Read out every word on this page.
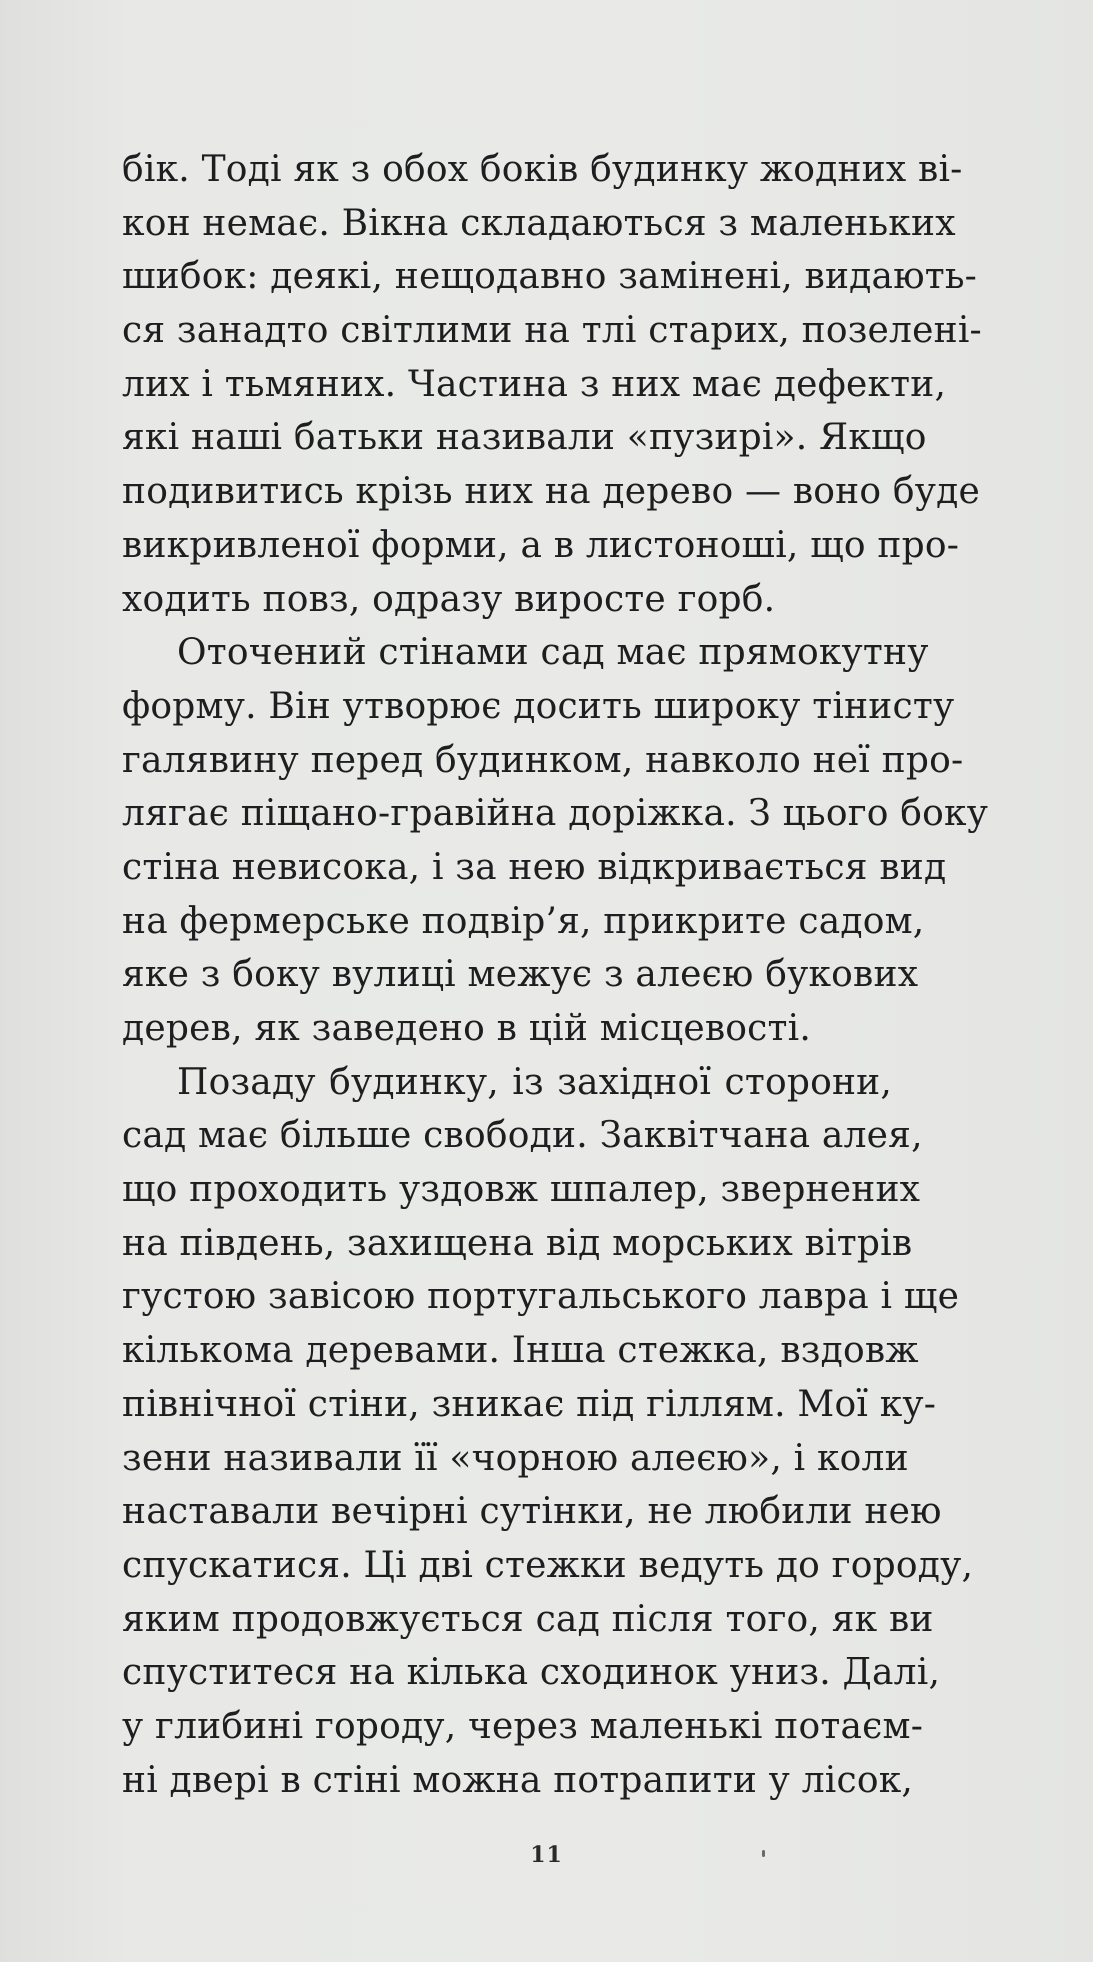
бік. Тоді як з обох боків будинку жодних ві-
кон немає. Вікна складаються з маленьких
шибок: деякі, нещодавно замінені, видають-
ся занадто світлими на тлі старих, позелені-
лих і тьмяних. Частина з них має дефекти,
які наші батьки називали «пузирі». Якщо
подивитись крізь них на дерево — воно буде
викривленої форми, а в листоноші, що про-
ходить повз, одразу виросте горб.
Оточений стінами сад має прямокутну
форму. Він утворює досить широку тінисту
галявину перед будинком, навколо неї про-
лягає піщано-гравійна доріжка. З цього боку
стіна невисока, і за нею відкривається вид
на фермерське подвір’я, прикрите садом,
яке з боку вулиці межує з алеєю букових
дерев, як заведено в цій місцевості.
Позаду будинку, із західної сторони,
сад має більше свободи. Заквітчана алея,
що проходить уздовж шпалер, звернених
на південь, захищена від морських вітрів
густою завісою португальського лавра і ще
кількома деревами. Інша стежка, вздовж
північної стіни, зникає під гіллям. Мої ку-
зени називали її «чорною алеєю», і коли
наставали вечірні сутінки, не любили нею
спускатися. Ці дві стежки ведуть до городу,
яким продовжується сад після того, як ви
спуститеся на кілька сходинок униз. Далі,
у глибині городу, через маленькі потаєм-
ні двері в стіні можна потрапити у лісок,
11
